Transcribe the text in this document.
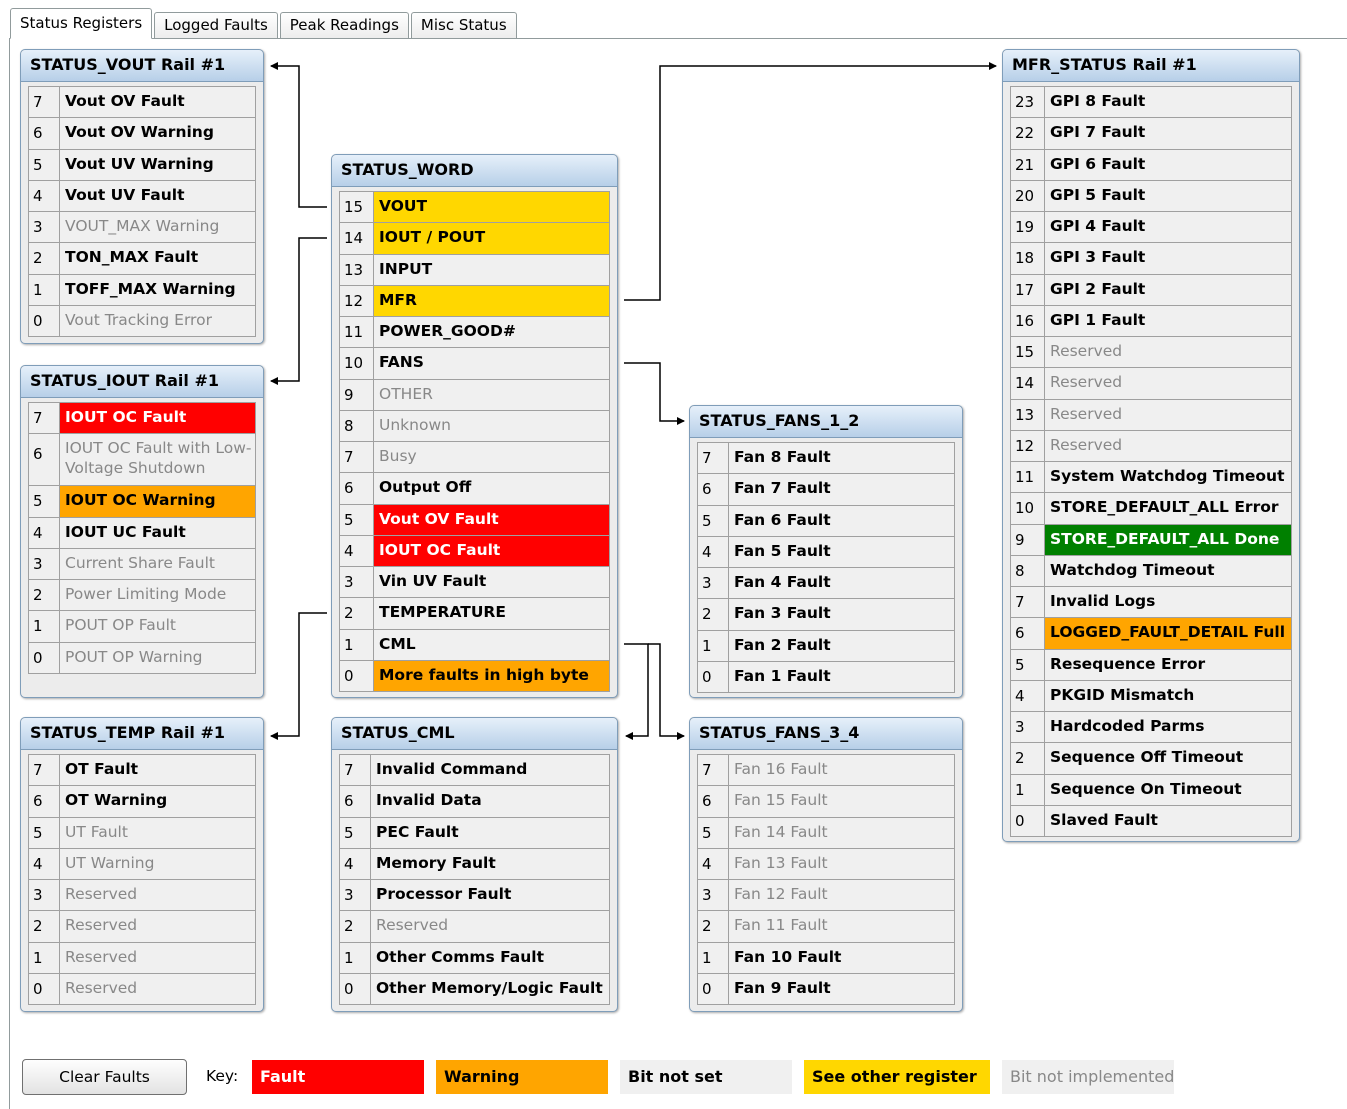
Status Registers	Logged Faults	Peak Readings	Misc Status
STATUS_VOUT Rail #1
7	Vout OV Fault
6	Vout OV Warning
5	Vout UV Warning
4	Vout UV Fault
3	VOUT_MAX Warning
2	TON_MAX Fault
1	TOFF_MAX Warning
0	Vout Tracking Error
STATUS_IOUT Rail #1
7	IOUT OC Fault
6	IOUT OC Fault with Low-Voltage Shutdown
5	IOUT OC Warning
4	IOUT UC Fault
3	Current Share Fault
2	Power Limiting Mode
1	POUT OP Fault
0	POUT OP Warning
STATUS_TEMP Rail #1
7	OT Fault
6	OT Warning
5	UT Fault
4	UT Warning
3	Reserved
2	Reserved
1	Reserved
0	Reserved
STATUS_WORD
15	VOUT
14	IOUT / POUT
13	INPUT
12	MFR
11	POWER_GOOD#
10	FANS
9	OTHER
8	Unknown
7	Busy
6	Output Off
5	Vout OV Fault
4	IOUT OC Fault
3	Vin UV Fault
2	TEMPERATURE
1	CML
0	More faults in high byte
STATUS_CML
7	Invalid Command
6	Invalid Data
5	PEC Fault
4	Memory Fault
3	Processor Fault
2	Reserved
1	Other Comms Fault
0	Other Memory/Logic Fault
STATUS_FANS_1_2
7	Fan 8 Fault
6	Fan 7 Fault
5	Fan 6 Fault
4	Fan 5 Fault
3	Fan 4 Fault
2	Fan 3 Fault
1	Fan 2 Fault
0	Fan 1 Fault
STATUS_FANS_3_4
7	Fan 16 Fault
6	Fan 15 Fault
5	Fan 14 Fault
4	Fan 13 Fault
3	Fan 12 Fault
2	Fan 11 Fault
1	Fan 10 Fault
0	Fan 9 Fault
MFR_STATUS Rail #1
23	GPI 8 Fault
22	GPI 7 Fault
21	GPI 6 Fault
20	GPI 5 Fault
19	GPI 4 Fault
18	GPI 3 Fault
17	GPI 2 Fault
16	GPI 1 Fault
15	Reserved
14	Reserved
13	Reserved
12	Reserved
11	System Watchdog Timeout
10	STORE_DEFAULT_ALL Error
9	STORE_DEFAULT_ALL Done
8	Watchdog Timeout
7	Invalid Logs
6	LOGGED_FAULT_DETAIL Full
5	Resequence Error
4	PKGID Mismatch
3	Hardcoded Parms
2	Sequence Off Timeout
1	Sequence On Timeout
0	Slaved Fault
Clear Faults	Key:	Fault	Warning	Bit not set	See other register	Bit not implemented
